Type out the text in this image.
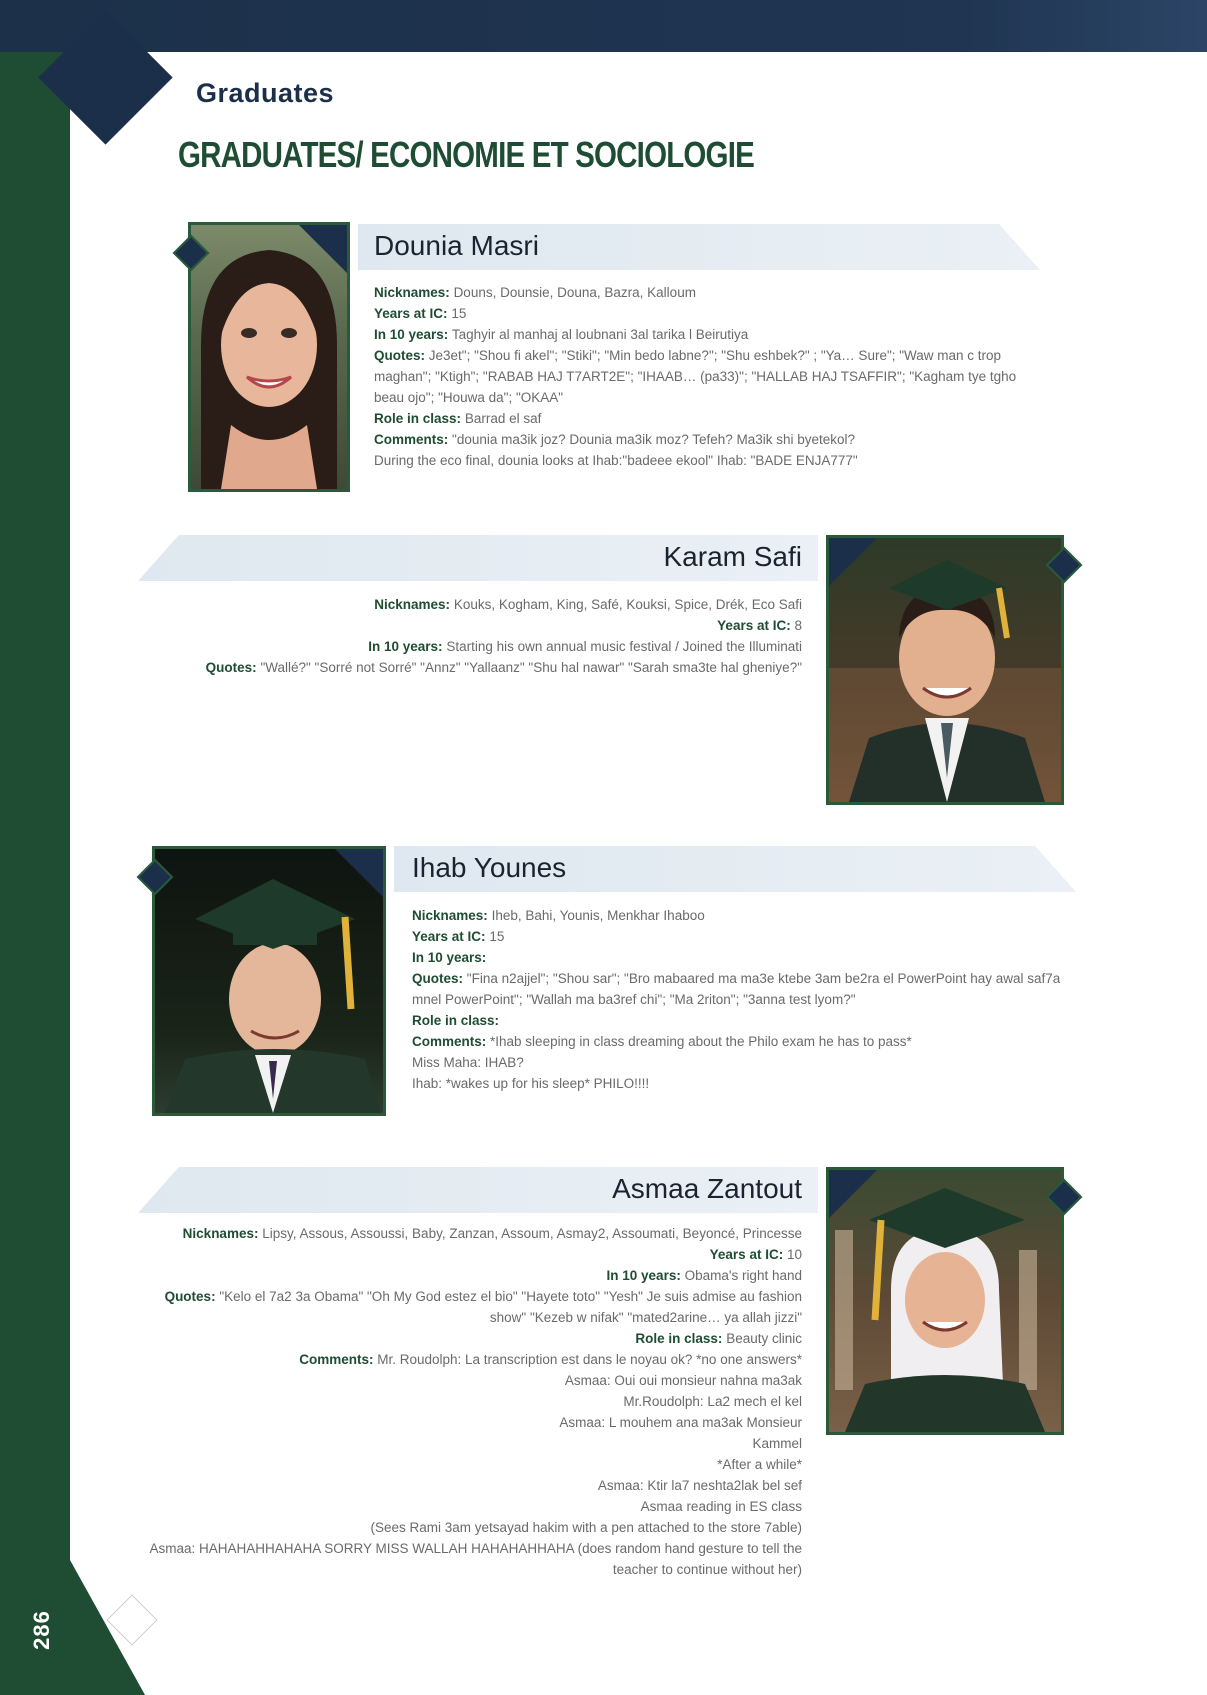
286
Graduates
GRADUATES/ ECONOMIE ET SOCIOLOGIE
Dounia Masri

Nicknames: Douns, Dounsie, Douna, Bazra, Kalloum

Years at IC: 15

In 10 years: Taghyir al manhaj al loubnani 3al tarika l Beirutiya

Quotes: Je3et"; "Shou fi akel"; "Stiki"; "Min bedo labne?"; "Shu eshbek?" ; "Ya… Sure"; "Waw man c trop maghan"; "Ktigh"; "RABAB HAJ T7ART2E"; "IHAAB… (pa33)"; "HALLAB HAJ TSAFFIR"; "Kagham tye tgho beau ojo"; "Houwa da"; "OKAA"

Role in class: Barrad el saf

Comments: "dounia ma3ik joz? Dounia ma3ik moz? Tefeh? Ma3ik shi byetekol?

During the eco final, dounia looks at Ihab:"badeee ekool" Ihab: "BADE ENJA777"

Karam Safi

Nicknames: Kouks, Kogham, King, Safé, Kouksi, Spice, Drék, Eco Safi

Years at IC: 8

In 10 years: Starting his own annual music festival / Joined the Illuminati

Quotes: "Wallé?" "Sorré not Sorré" "Annz" "Yallaanz" "Shu hal nawar" "Sarah sma3te hal gheniye?"

Ihab Younes

Nicknames: Iheb, Bahi, Younis, Menkhar Ihaboo

Years at IC: 15

In 10 years:

Quotes: "Fina n2ajjel"; "Shou sar"; "Bro mabaared ma ma3e ktebe 3am be2ra el PowerPoint hay awal saf7a mnel PowerPoint"; "Wallah ma ba3ref chi"; "Ma 2riton"; "3anna test lyom?"

Role in class:

Comments: *Ihab sleeping in class dreaming about the Philo exam he has to pass*

Miss Maha: IHAB?

Ihab: *wakes up for his sleep* PHILO!!!!

Asmaa Zantout

Nicknames: Lipsy, Assous, Assoussi, Baby, Zanzan, Assoum, Asmay2, Assoumati, Beyoncé, Princesse

Years at IC: 10

In 10 years: Obama's right hand

Quotes: "Kelo el 7a2 3a Obama" "Oh My God estez el bio" "Hayete toto" "Yesh" Je suis admise au fashion

show" "Kezeb w nifak" "mated2arine… ya allah jizzi"

Role in class: Beauty clinic

Comments: Mr. Roudolph: La transcription est dans le noyau ok? *no one answers*

Asmaa: Oui oui monsieur nahna ma3ak

Mr.Roudolph: La2 mech el kel

Asmaa: L mouhem ana ma3ak Monsieur

Kammel

*After a while*

Asmaa: Ktir la7 neshta2lak bel sef

Asmaa reading in ES class

(Sees Rami 3am yetsayad hakim with a pen attached to the store 7able)

Asmaa: HAHAHAHHAHAHA SORRY MISS WALLAH HAHAHAHHAHA (does random hand gesture to tell the

teacher to continue without her)
